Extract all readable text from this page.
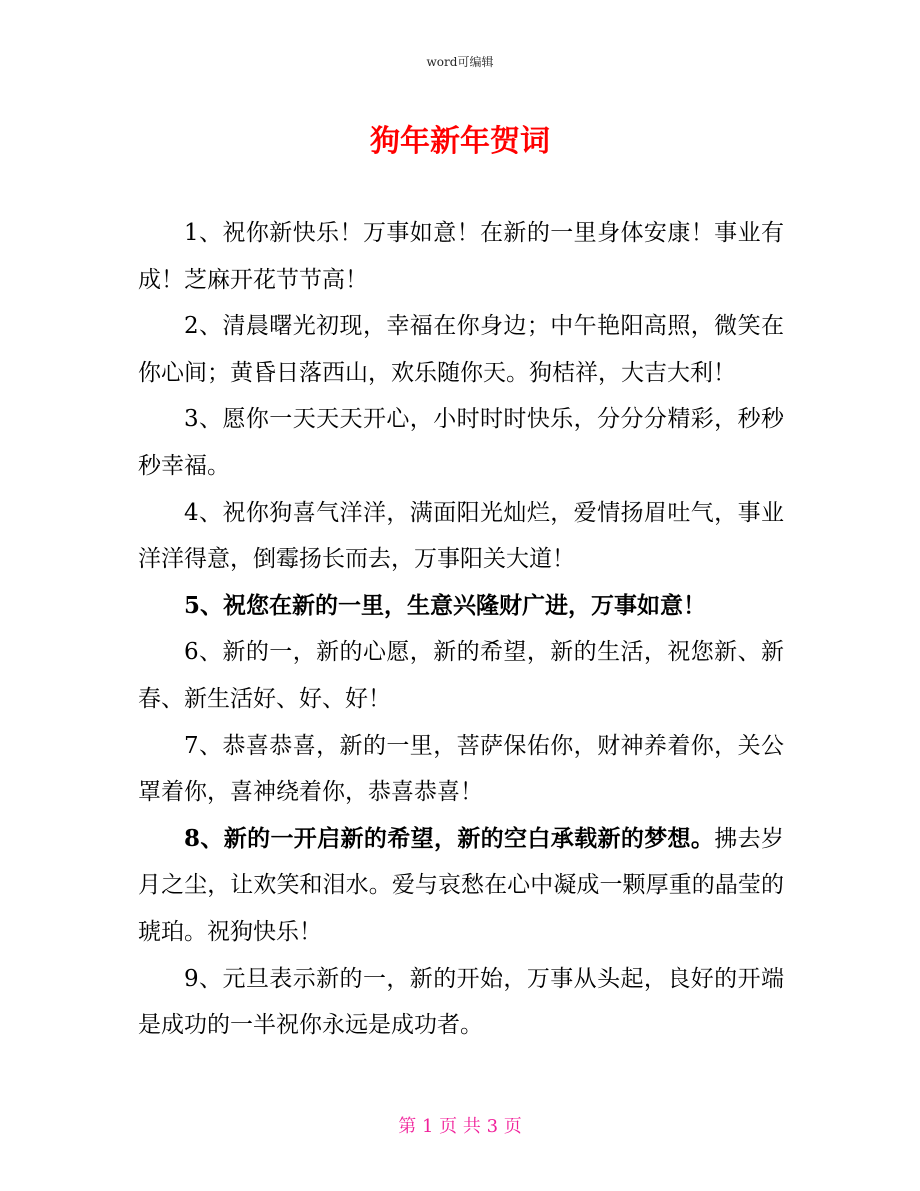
word可编辑
狗年新年贺词

1、祝你新快乐！万事如意！在新的一里身体安康！事业有成！芝麻开花节节高！

2、清晨曙光初现，幸福在你身边；中午艳阳高照，微笑在你心间；黄昏日落西山，欢乐随你天。狗桔祥，大吉大利！

3、愿你一天天天开心，小时时时快乐，分分分精彩，秒秒秒幸福。

4、祝你狗喜气洋洋，满面阳光灿烂，爱情扬眉吐气，事业洋洋得意，倒霉扬长而去，万事阳关大道！

5、祝您在新的一里，生意兴隆财广进，万事如意！

6、新的一，新的心愿，新的希望，新的生活，祝您新、新春、新生活好、好、好！

7、恭喜恭喜，新的一里，菩萨保佑你，财神养着你，关公罩着你，喜神绕着你，恭喜恭喜！

8、新的一开启新的希望，新的空白承载新的梦想。拂去岁月之尘，让欢笑和泪水。爱与哀愁在心中凝成一颗厚重的晶莹的琥珀。祝狗快乐！

9、元旦表示新的一，新的开始，万事从头起，良好的开端是成功的一半祝你永远是成功者。

第 1 页 共 3 页
